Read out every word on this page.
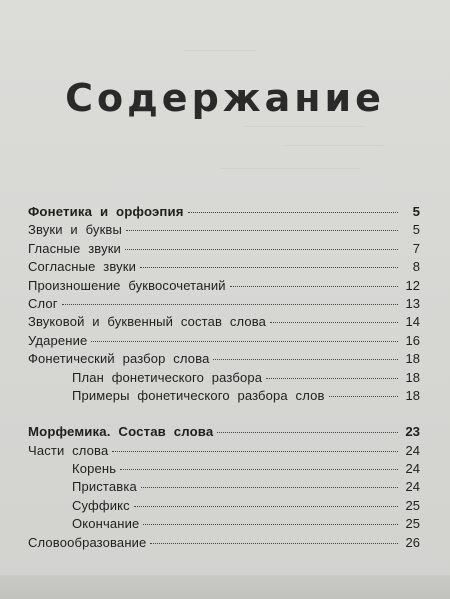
Содержание
Фонетика и орфоэпия	5
Звуки и буквы	5
Гласные звуки	7
Согласные звуки	8
Произношение буквосочетаний	12
Слог	13
Звуковой и буквенный состав слова	14
Ударение	16
Фонетический разбор слова	18
План фонетического разбора	18
Примеры фонетического разбора слов	18
Морфемика. Состав слова	23
Части слова	24
Корень	24
Приставка	24
Суффикс	25
Окончание	25
Словообразование	26
